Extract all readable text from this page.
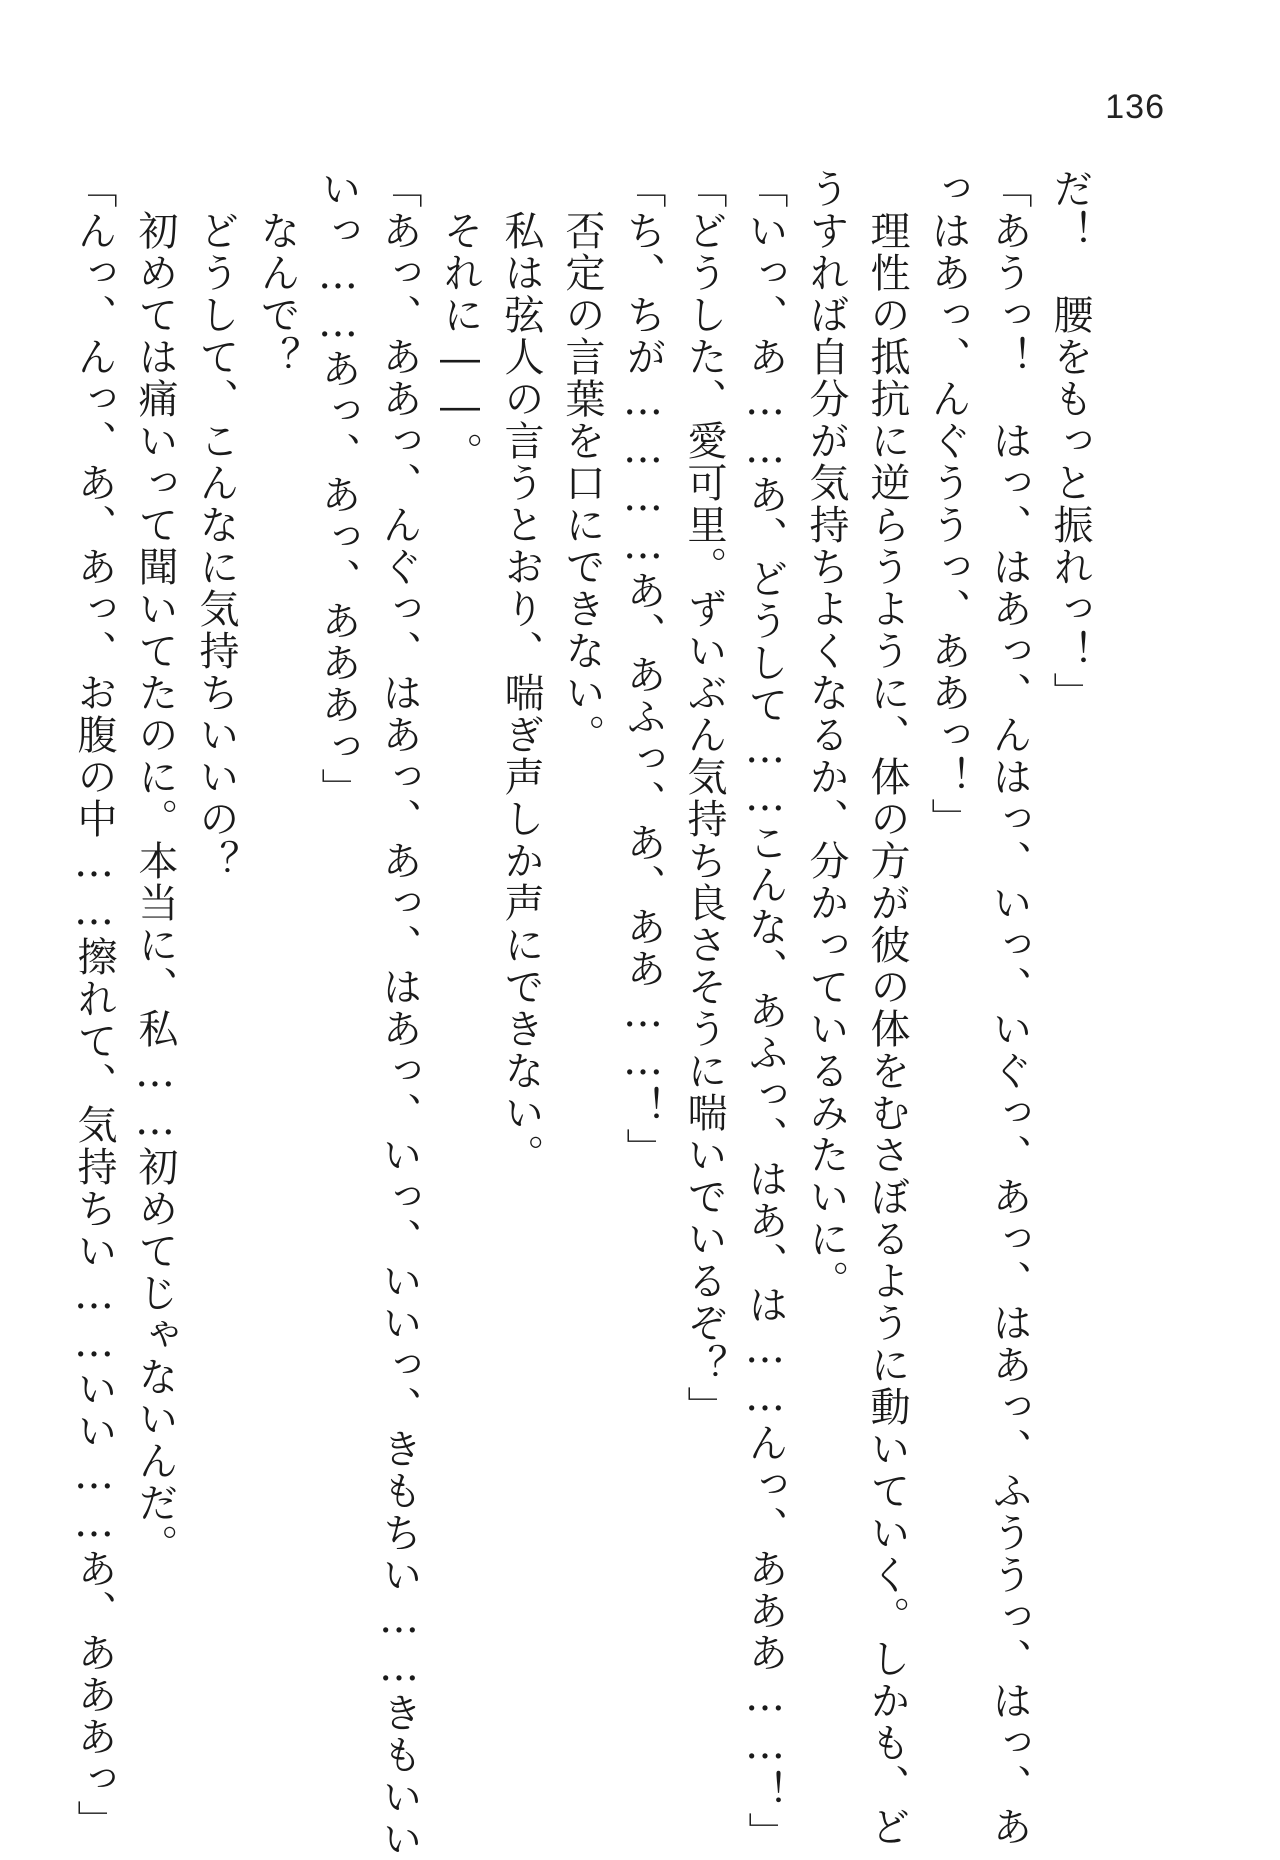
136
だ！　腰をもっと振れっ！」
「あうっ！　はっ、はあっ、んはっ、いっ、いぐっ、あっ、はあっ、ふううっ、はっ、あ
っはあっ、んぐううっ、ああっ！」
　理性の抵抗に逆らうように、体の方が彼の体をむさぼるように動いていく。しかも、ど
うすれば自分が気持ちよくなるか、分かっているみたいに。
「いっ、あ……あ、どうして……こんな、あふっ、はあ、は……んっ、あああ……！」
「どうした、愛可里。ずいぶん気持ち良さそうに喘いでいるぞ？」
「ち、ちが…………あ、あふっ、あ、ああ……！」
　否定の言葉を口にできない。
　私は弦人の言うとおり、喘ぎ声しか声にできない。
　それに――。
「あっ、ああっ、んぐっ、はあっ、あっ、はあっ、いっ、いいっ、きもちい……きもいい
いっ……あっ、あっ、あああっ」
　なんで？
　どうして、こんなに気持ちいいの？
　初めては痛いって聞いてたのに。本当に、私……初めてじゃないんだ。
「んっ、んっ、あ、あっ、お腹の中……擦れて、気持ちい……いい……あ、あああっ」
